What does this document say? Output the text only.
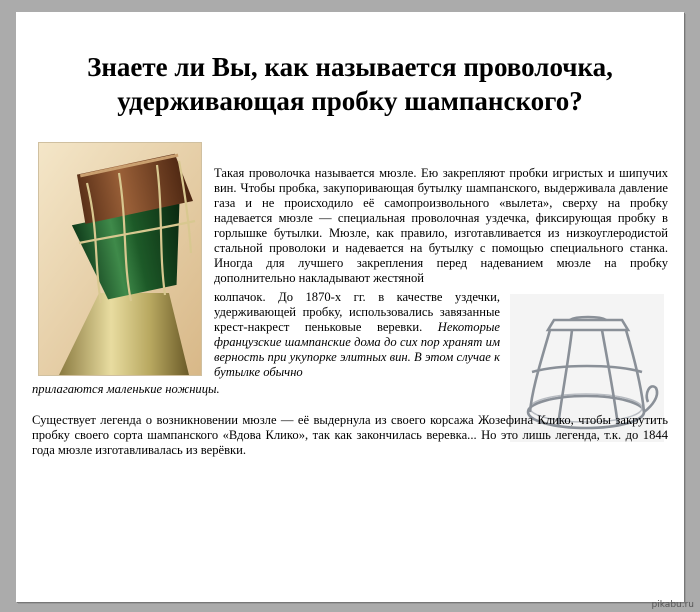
Знаете ли Вы, как называется проволочка,
удерживающая пробку шампанского?

Такая проволочка называется мюзле. Ею закрепляют пробки игристых и шипучих вин. Чтобы пробка, закупоривающая бутылку шампанского, выдерживала давление газа и не происходило её самопроизвольного «вылета», сверху на пробку надевается мюзле — специальная проволочная уздечка, фиксирующая пробку в горлышке бутылки. Мюзле, как правило, изготавливается из низкоуглеродистой стальной проволоки и надевается на бутылку с помощью специального станка. Иногда для лучшего закрепления перед надеванием мюзле на пробку дополнительно накладывают жестяной

колпачок. До 1870-х гг. в качестве уздечки, удерживающей пробку, использовались завязанные крест-накрест пеньковые веревки. Некоторые французские шампанские дома до сих пор хранят им верность при укупорке элитных вин. В этом случае к бутылке обычно

прилагаются маленькие ножницы.

Существует легенда о возникновении мюзле — её выдернула из своего корсажа Жозефина Клико, чтобы закрутить пробку своего сорта шампанского «Вдова Клико», так как закончилась веревка... Но это лишь легенда, т.к. до 1844 года мюзле изготавливалась из верёвки.

pikabu.ru
